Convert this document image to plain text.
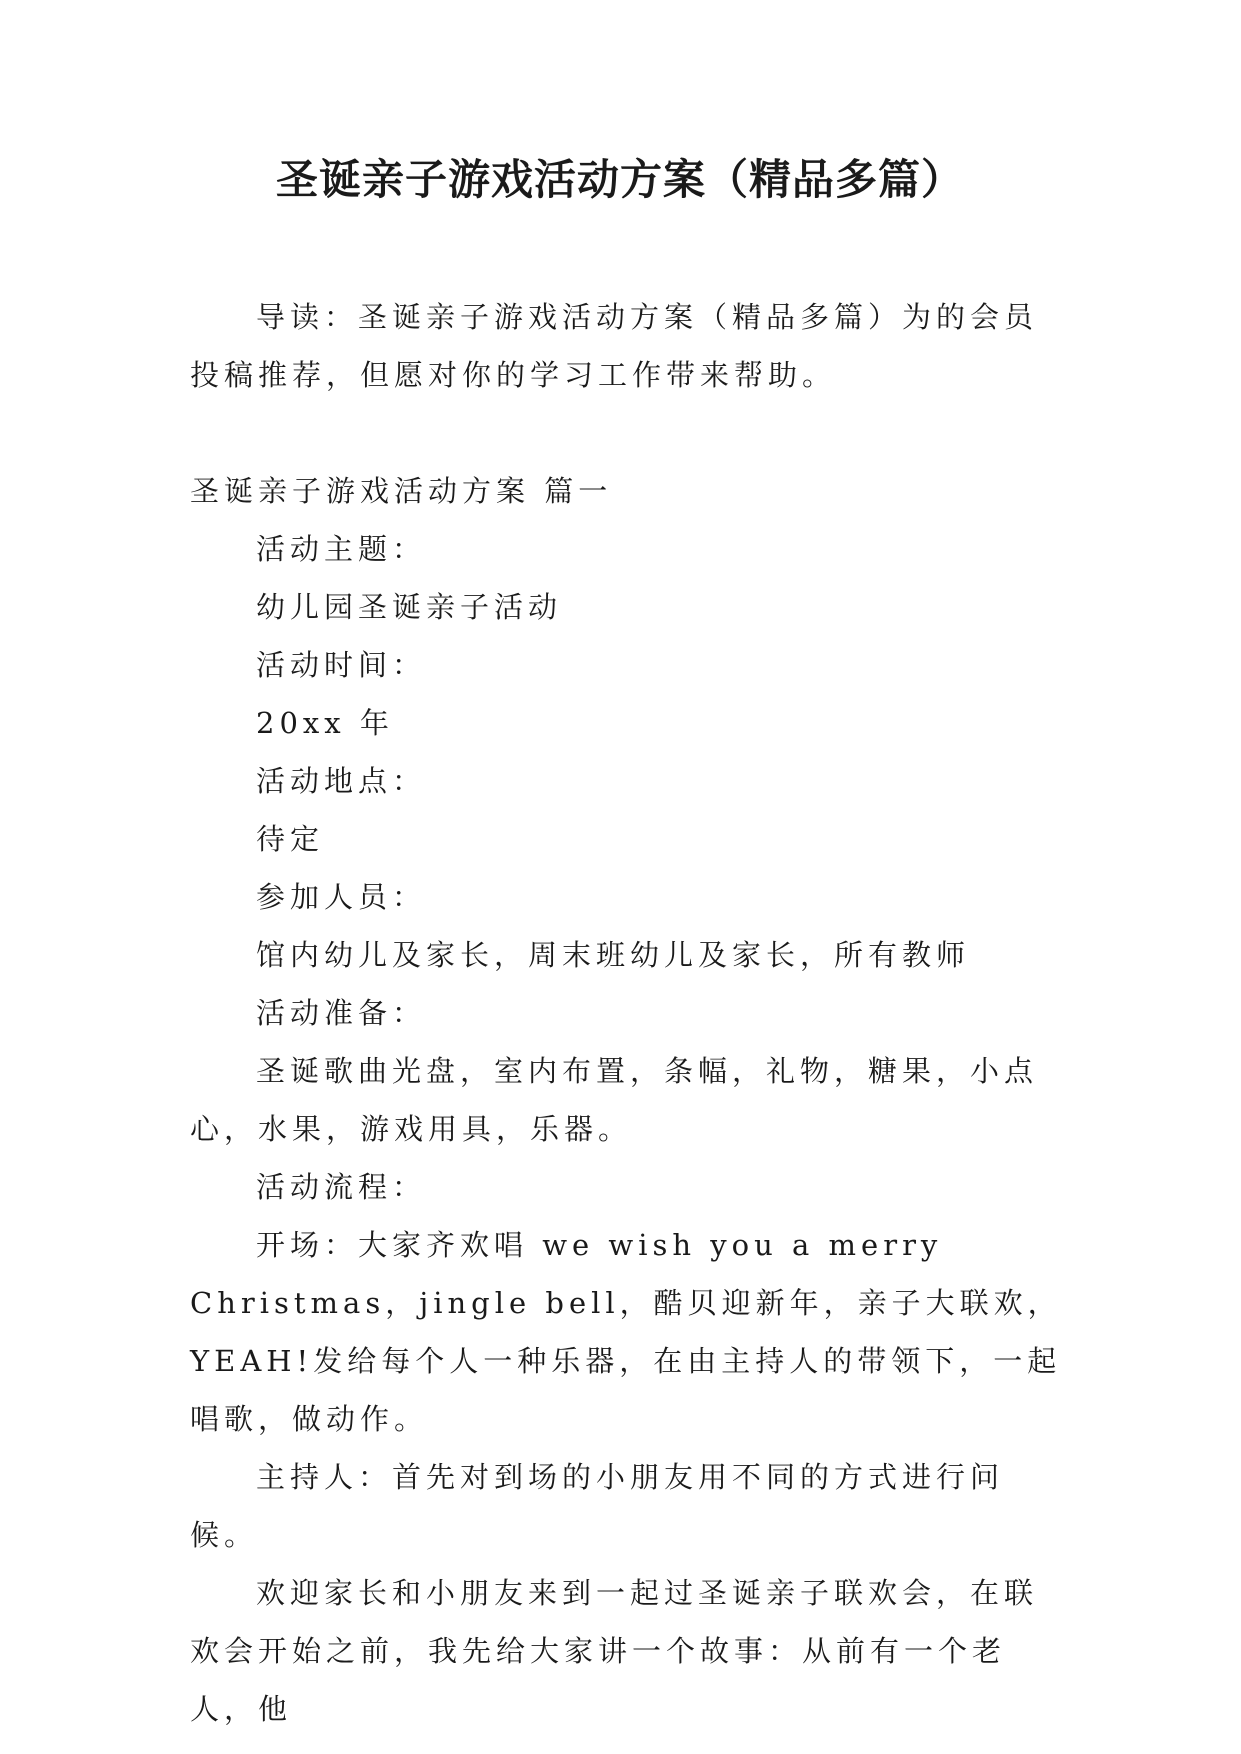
圣诞亲子游戏活动方案（精品多篇）

导读：圣诞亲子游戏活动方案（精品多篇）为的会员投稿推荐，但愿对你的学习工作带来帮助。

圣诞亲子游戏活动方案 篇一

活动主题：

幼儿园圣诞亲子活动

活动时间：

20xx 年

活动地点：

待定

参加人员：

馆内幼儿及家长，周末班幼儿及家长，所有教师

活动准备：

圣诞歌曲光盘，室内布置，条幅，礼物，糖果，小点心，水果，游戏用具，乐器。

活动流程：

开场：大家齐欢唱 we wish you a merry Christmas，jingle bell，酷贝迎新年，亲子大联欢，YEAH!发给每个人一种乐器，在由主持人的带领下，一起唱歌，做动作。

主持人：首先对到场的小朋友用不同的方式进行问候。

欢迎家长和小朋友来到一起过圣诞亲子联欢会，在联欢会开始之前，我先给大家讲一个故事：从前有一个老人，他
